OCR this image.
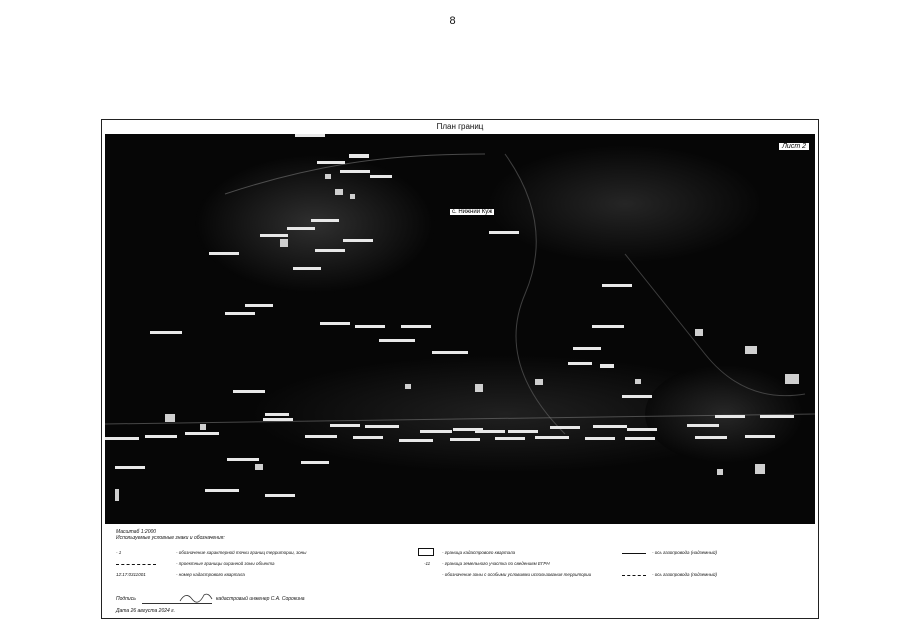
8
План границ
Лист 2
с. Нижний Куж
Масштаб 1:2000
Используемые условные знаки и обозначения:
- 1	- обозначение характерной точки границ территории, зоны
- проектные границы охранной зоны объекта
12:17:0311001	- номер кадастрового квартала
- граница кадастрового квартала
-11	- граница земельного участка по сведениям ЕГРН
- обозначение зоны с особыми условиями использования территории
- ось газопровода (надземный)
- ось газопровода (подземный)
Подпись	кадастровый инженер С.А. Сорокина
Дата 26 августа 2024 г.
